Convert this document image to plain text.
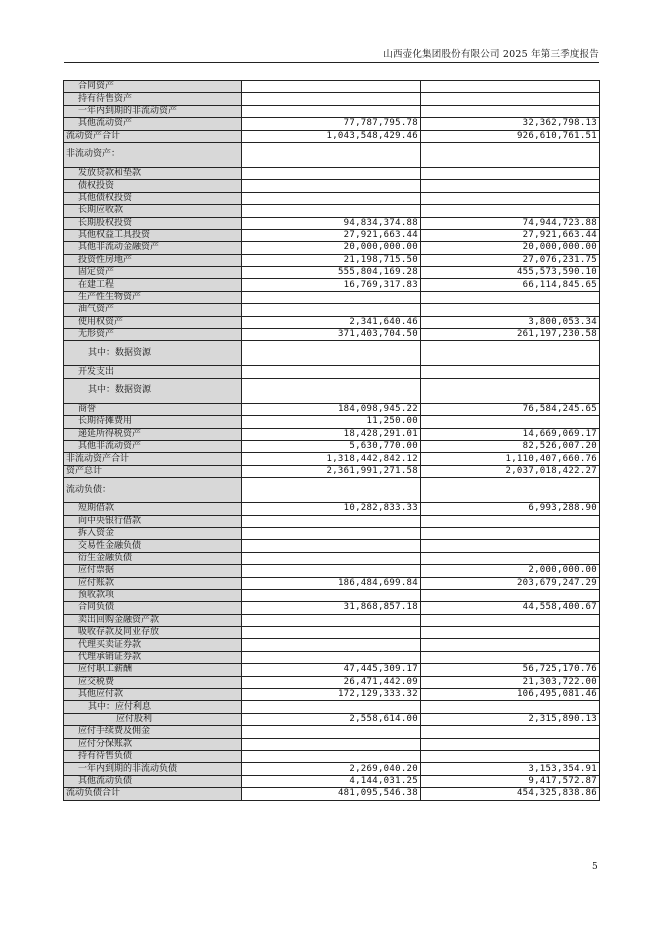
山西壶化集团股份有限公司 2025 年第三季度报告
合同资产		
持有待售资产		
一年内到期的非流动资产		
其他流动资产	77,787,795.78	32,362,798.13
流动资产合计	1,043,548,429.46	926,610,761.51
非流动资产：		
发放贷款和垫款		
债权投资		
其他债权投资		
长期应收款		
长期股权投资	94,834,374.88	74,944,723.88
其他权益工具投资	27,921,663.44	27,921,663.44
其他非流动金融资产	20,000,000.00	20,000,000.00
投资性房地产	21,198,715.50	27,076,231.75
固定资产	555,804,169.28	455,573,590.10
在建工程	16,769,317.83	66,114,845.65
生产性生物资产		
油气资产		
使用权资产	2,341,640.46	3,800,053.34
无形资产	371,403,704.50	261,197,230.58
其中：数据资源		
开发支出		
其中：数据资源		
商誉	184,098,945.22	76,584,245.65
长期待摊费用	11,250.00	
递延所得税资产	18,428,291.01	14,669,069.17
其他非流动资产	5,630,770.00	82,526,007.20
非流动资产合计	1,318,442,842.12	1,110,407,660.76
资产总计	2,361,991,271.58	2,037,018,422.27
流动负债：		
短期借款	10,282,833.33	6,993,288.90
向中央银行借款		
拆入资金		
交易性金融负债		
衍生金融负债		
应付票据		2,000,000.00
应付账款	186,484,699.84	203,679,247.29
预收款项		
合同负债	31,868,857.18	44,558,400.67
卖出回购金融资产款		
吸收存款及同业存放		
代理买卖证券款		
代理承销证券款		
应付职工薪酬	47,445,309.17	56,725,170.76
应交税费	26,471,442.09	21,303,722.00
其他应付款	172,129,333.32	106,495,081.46
其中：应付利息		
应付股利	2,558,614.00	2,315,890.13
应付手续费及佣金		
应付分保账款		
持有待售负债		
一年内到期的非流动负债	2,269,040.20	3,153,354.91
其他流动负债	4,144,031.25	9,417,572.87
流动负债合计	481,095,546.38	454,325,838.86
5
